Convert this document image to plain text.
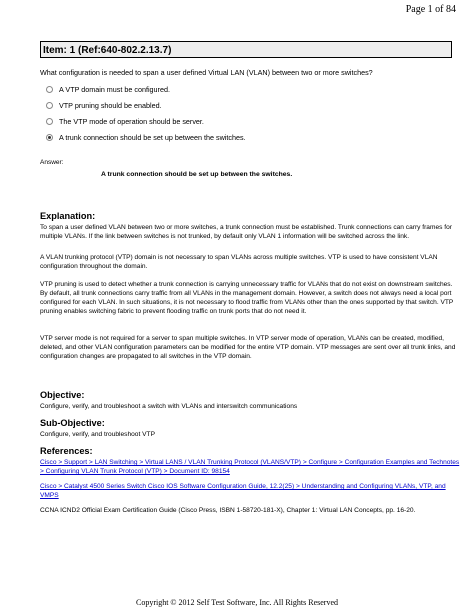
Page 1 of 84
Item: 1 (Ref:640-802.2.13.7)
What configuration is needed to span a user defined Virtual LAN (VLAN) between two or more switches?
A VTP domain must be configured.
VTP pruning should be enabled.
The VTP mode of operation should be server.
A trunk connection should be set up between the switches.
Answer:
A trunk connection should be set up between the switches.
Explanation:
To span a user defined VLAN between two or more switches, a trunk connection must be established. Trunk connections can carry frames for multiple VLANs. If the link between switches is not trunked, by default only VLAN 1 information will be switched across the link.
A VLAN trunking protocol (VTP) domain is not necessary to span VLANs across multiple switches. VTP is used to have consistent VLAN configuration throughout the domain.
VTP pruning is used to detect whether a trunk connection is carrying unnecessary traffic for VLANs that do not exist on downstream switches. By default, all trunk connections carry traffic from all VLANs in the management domain. However, a switch does not always need a local port configured for each VLAN. In such situations, it is not necessary to flood traffic from VLANs other than the ones supported by that switch. VTP pruning enables switching fabric to prevent flooding traffic on trunk ports that do not need it.
VTP server mode is not required for a server to span multiple switches. In VTP server mode of operation, VLANs can be created, modified, deleted, and other VLAN configuration parameters can be modified for the entire VTP domain. VTP messages are sent over all trunk links, and configuration changes are propagated to all switches in the VTP domain.
Objective:
Configure, verify, and troubleshoot a switch with VLANs and interswitch communications
Sub-Objective:
Configure, verify, and troubleshoot VTP
References:
Cisco > Support > LAN Switching > Virtual LANS / VLAN Trunking Protocol (VLANS/VTP) > Configure > Configuration Examples and Technotes > Configuring VLAN Trunk Protocol (VTP) > Document ID: 98154
Cisco > Catalyst 4500 Series Switch Cisco IOS Software Configuration Guide, 12.2(25) > Understanding and Configuring VLANs, VTP, and VMPS
CCNA ICND2 Official Exam Certification Guide (Cisco Press, ISBN 1-58720-181-X), Chapter 1: Virtual LAN Concepts, pp. 16-20.
Copyright © 2012 Self Test Software, Inc. All Rights Reserved
